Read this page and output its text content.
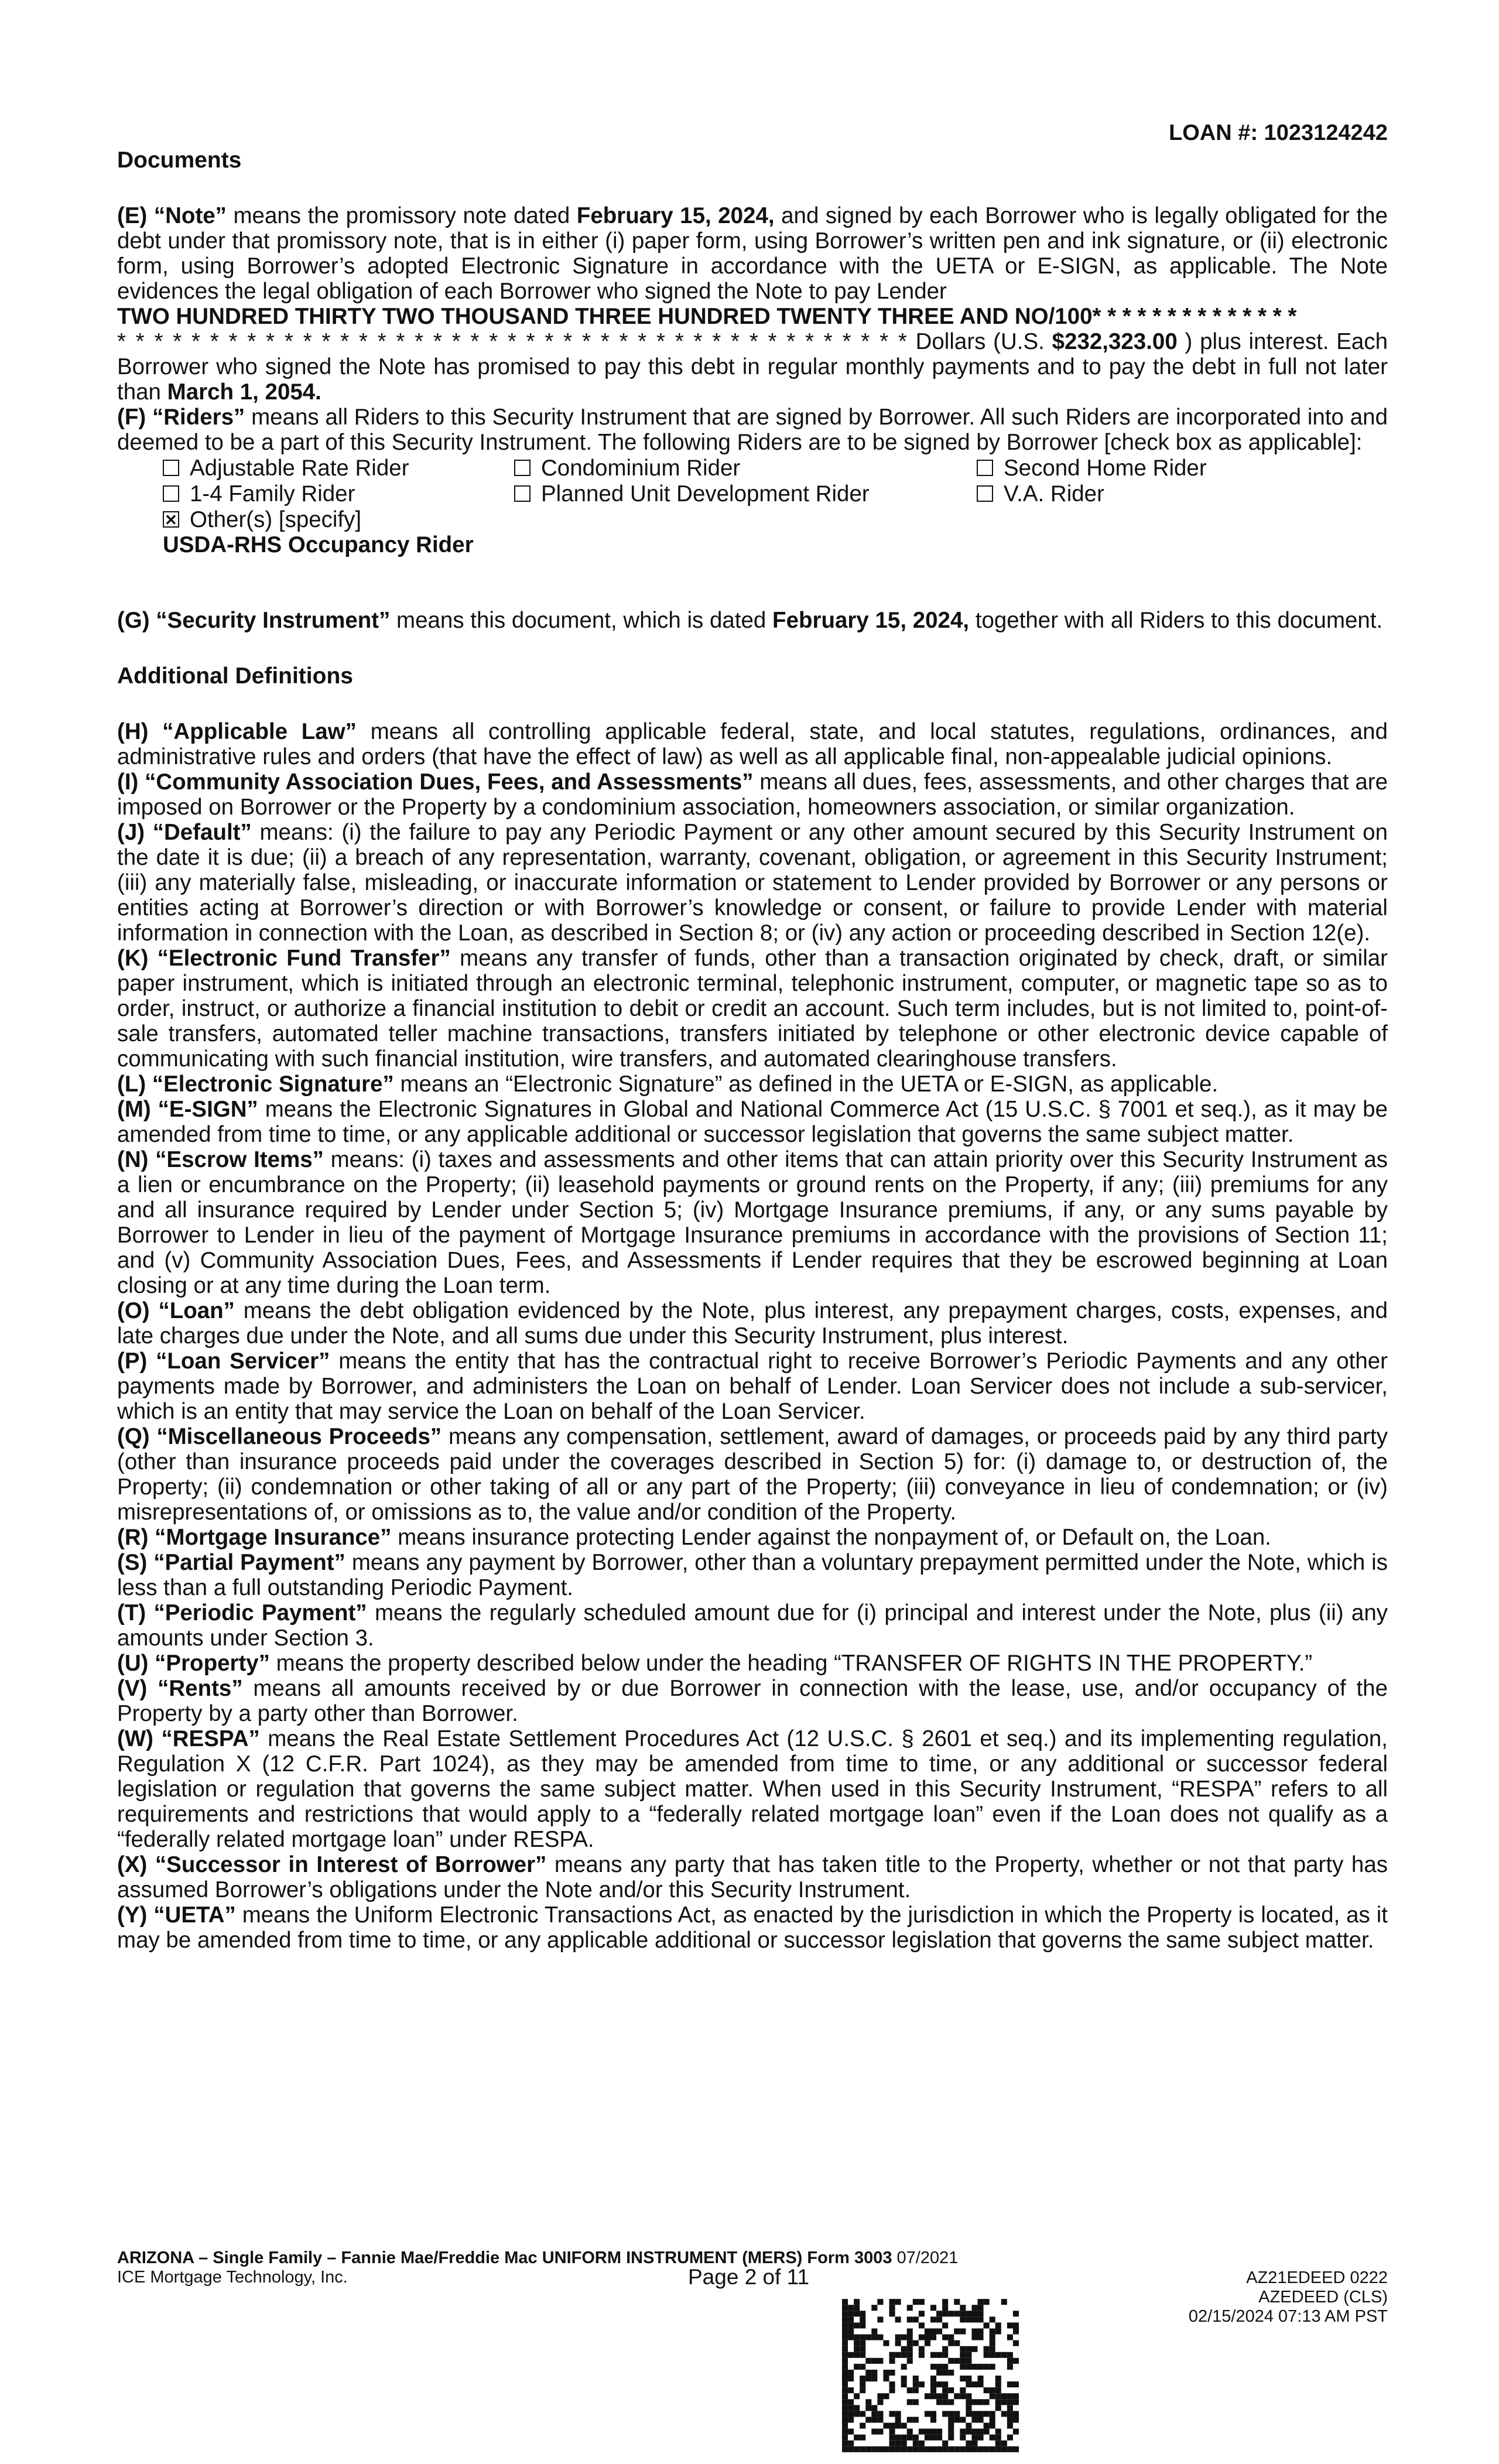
LOAN #: 1023124242
Documents

(E) “Note” means the promissory note dated February 15, 2024, and signed by each Borrower who is legally obligated for the debt under that promissory note, that is in either (i) paper form, using Borrower’s written pen and ink signature, or (ii) electronic form, using Borrower’s adopted Electronic Signature in accordance with the UETA or E-SIGN, as applicable. The Note evidences the legal obligation of each Borrower who signed the Note to pay Lender
TWO HUNDRED THIRTY TWO THOUSAND THREE HUNDRED TWENTY THREE AND NO/100* * * * * * * * * * * * * *
* * * * * * * * * * * * * * * * * * * * * * * * * * * * * * * * * * * * * * * * * * * Dollars (U.S. $232,323.00 ) plus interest. Each Borrower who signed the Note has promised to pay this debt in regular monthly payments and to pay the debt in full not later than March 1, 2054.

(F) “Riders” means all Riders to this Security Instrument that are signed by Borrower. All such Riders are incorporated into and deemed to be a part of this Security Instrument. The following Riders are to be signed by Borrower [check box as applicable]:

Adjustable Rate Rider	Condominium Rider	Second Home Rider
1-4 Family Rider	Planned Unit Development Rider	V.A. Rider
✕
Other(s) [specify]
USDA-RHS Occupancy Rider

(G) “Security Instrument” means this document, which is dated February 15, 2024, together with all Riders to this document.

Additional Definitions

(H) “Applicable Law” means all controlling applicable federal, state, and local statutes, regulations, ordinances, and administrative rules and orders (that have the effect of law) as well as all applicable final, non-appealable judicial opinions.

(I) “Community Association Dues, Fees, and Assessments” means all dues, fees, assessments, and other charges that are imposed on Borrower or the Property by a condominium association, homeowners association, or similar organization.

(J) “Default” means: (i) the failure to pay any Periodic Payment or any other amount secured by this Security Instrument on the date it is due; (ii) a breach of any representation, warranty, covenant, obligation, or agreement in this Security Instrument; (iii) any materially false, misleading, or inaccurate information or statement to Lender provided by Borrower or any persons or entities acting at Borrower’s direction or with Borrower’s knowledge or consent, or failure to provide Lender with material information in connection with the Loan, as described in Section 8; or (iv) any action or proceeding described in Section 12(e).

(K) “Electronic Fund Transfer” means any transfer of funds, other than a transaction originated by check, draft, or similar paper instrument, which is initiated through an electronic terminal, telephonic instrument, computer, or magnetic tape so as to order, instruct, or authorize a financial institution to debit or credit an account. Such term includes, but is not limited to, point-of-sale transfers, automated teller machine transactions, transfers initiated by telephone or other electronic device capable of communicating with such financial institution, wire transfers, and automated clearinghouse transfers.

(L) “Electronic Signature” means an “Electronic Signature” as defined in the UETA or E-SIGN, as applicable.

(M) “E-SIGN” means the Electronic Signatures in Global and National Commerce Act (15 U.S.C. § 7001 et seq.), as it may be amended from time to time, or any applicable additional or successor legislation that governs the same subject matter.

(N) “Escrow Items” means: (i) taxes and assessments and other items that can attain priority over this Security Instrument as a lien or encumbrance on the Property; (ii) leasehold payments or ground rents on the Property, if any; (iii) premiums for any and all insurance required by Lender under Section 5; (iv) Mortgage Insurance premiums, if any, or any sums payable by Borrower to Lender in lieu of the payment of Mortgage Insurance premiums in accordance with the provisions of Section 11; and (v) Community Association Dues, Fees, and Assessments if Lender requires that they be escrowed beginning at Loan closing or at any time during the Loan term.

(O) “Loan” means the debt obligation evidenced by the Note, plus interest, any prepayment charges, costs, expenses, and late charges due under the Note, and all sums due under this Security Instrument, plus interest.

(P) “Loan Servicer” means the entity that has the contractual right to receive Borrower’s Periodic Payments and any other payments made by Borrower, and administers the Loan on behalf of Lender. Loan Servicer does not include a sub-servicer, which is an entity that may service the Loan on behalf of the Loan Servicer.

(Q) “Miscellaneous Proceeds” means any compensation, settlement, award of damages, or proceeds paid by any third party (other than insurance proceeds paid under the coverages described in Section 5) for: (i) damage to, or destruction of, the Property; (ii) condemnation or other taking of all or any part of the Property; (iii) conveyance in lieu of condemnation; or (iv) misrepresentations of, or omissions as to, the value and/or condition of the Property.

(R) “Mortgage Insurance” means insurance protecting Lender against the nonpayment of, or Default on, the Loan.

(S) “Partial Payment” means any payment by Borrower, other than a voluntary prepayment permitted under the Note, which is less than a full outstanding Periodic Payment.

(T) “Periodic Payment” means the regularly scheduled amount due for (i) principal and interest under the Note, plus (ii) any amounts under Section 3.

(U) “Property” means the property described below under the heading “TRANSFER OF RIGHTS IN THE PROPERTY.”

(V) “Rents” means all amounts received by or due Borrower in connection with the lease, use, and/or occupancy of the Property by a party other than Borrower.

(W) “RESPA” means the Real Estate Settlement Procedures Act (12 U.S.C. § 2601 et seq.) and its implementing regulation, Regulation X (12 C.F.R. Part 1024), as they may be amended from time to time, or any additional or successor federal legislation or regulation that governs the same subject matter. When used in this Security Instrument, “RESPA” refers to all requirements and restrictions that would apply to a “federally related mortgage loan” even if the Loan does not qualify as a “federally related mortgage loan” under RESPA.

(X) “Successor in Interest of Borrower” means any party that has taken title to the Property, whether or not that party has assumed Borrower’s obligations under the Note and/or this Security Instrument.

(Y) “UETA” means the Uniform Electronic Transactions Act, as enacted by the jurisdiction in which the Property is located, as it may be amended from time to time, or any applicable additional or successor legislation that governs the same subject matter.

ARIZONA – Single Family – Fannie Mae/Freddie Mac UNIFORM INSTRUMENT (MERS) Form 3003 07/2021
ICE Mortgage Technology, Inc.	Page 2 of 11	AZ21EDEED 0222
AZEDEED (CLS)
02/15/2024 07:13 AM PST
